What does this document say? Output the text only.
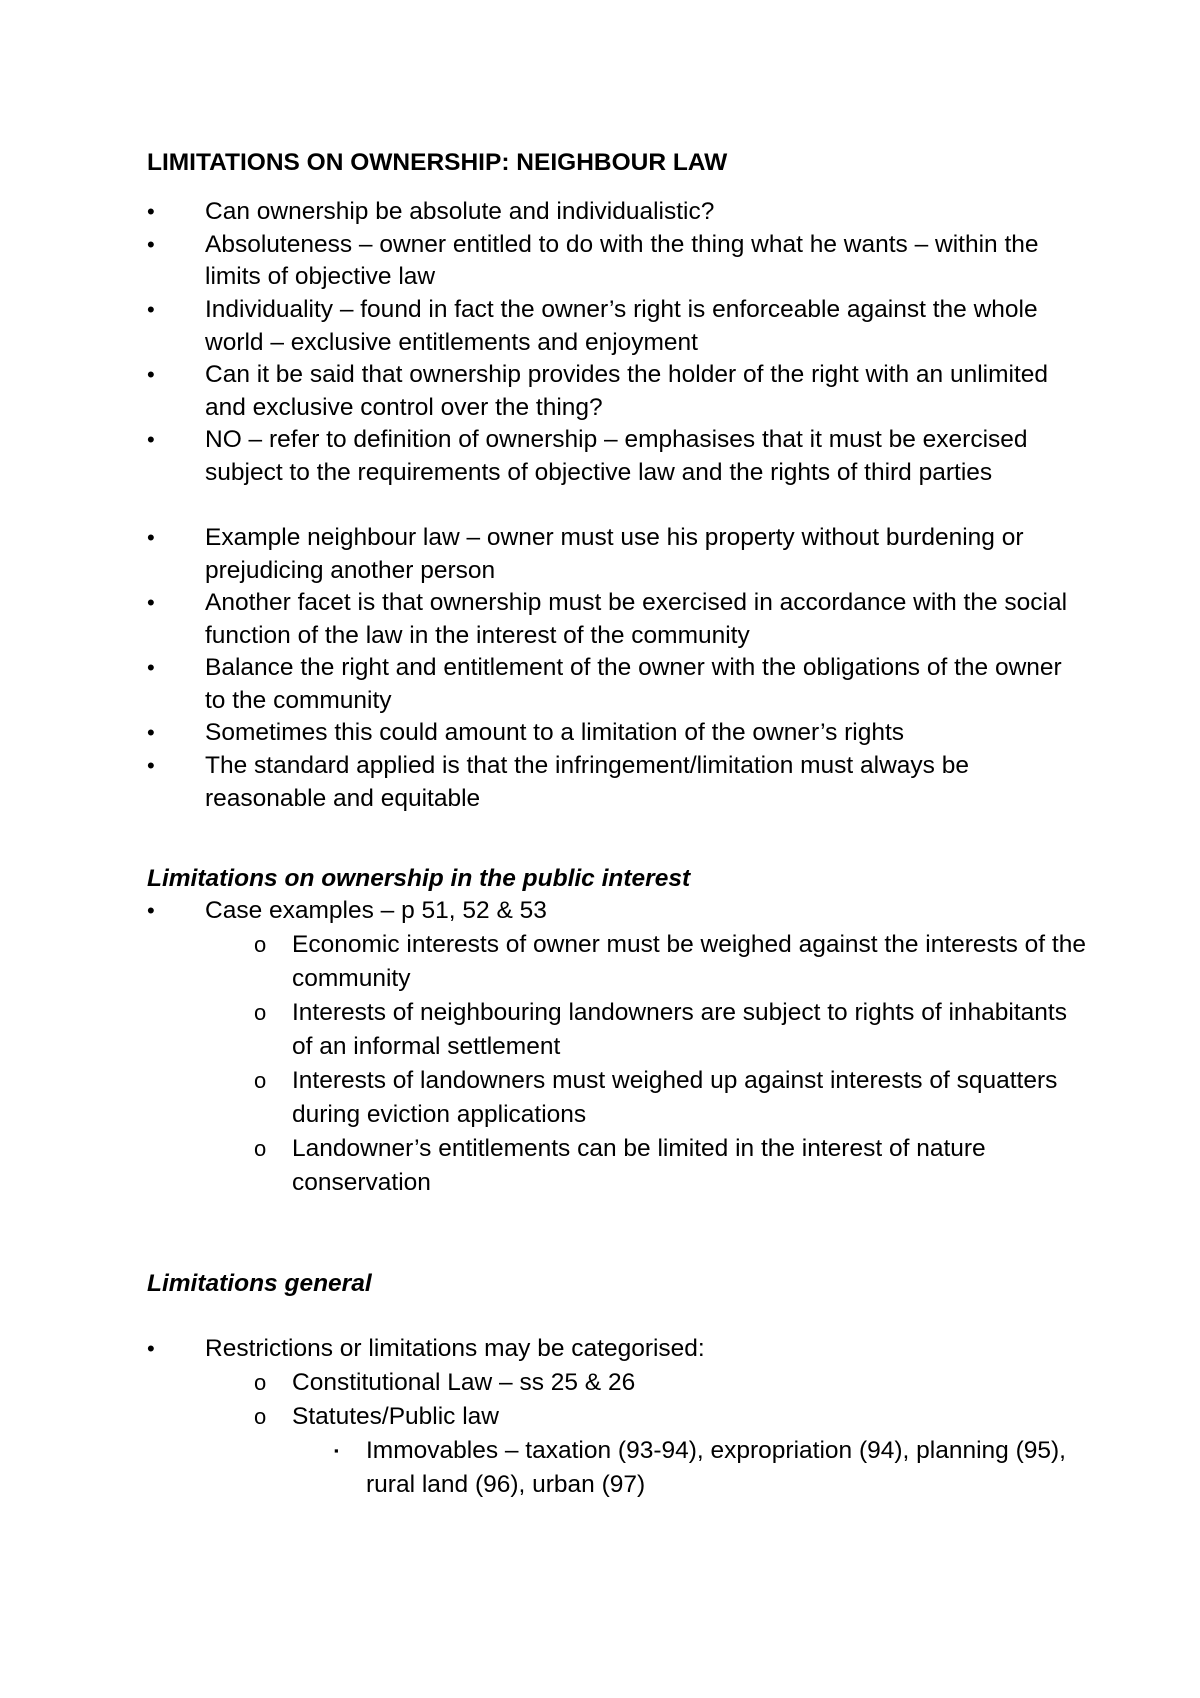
LIMITATIONS ON OWNERSHIP: NEIGHBOUR LAW
• Can ownership be absolute and individualistic?
• Absoluteness – owner entitled to do with the thing what he wants – within the limits of objective law
• Individuality – found in fact the owner’s right is enforceable against the whole world – exclusive entitlements and enjoyment
• Can it be said that ownership provides the holder of the right with an unlimited and exclusive control over the thing?
• NO – refer to definition of ownership – emphasises that it must be exercised subject to the requirements of objective law and the rights of third parties
• Example neighbour law – owner must use his property without burdening or prejudicing another person
• Another facet is that ownership must be exercised in accordance with the social function of the law in the interest of the community
• Balance the right and entitlement of the owner with the obligations of the owner to the community
• Sometimes this could amount to a limitation of the owner’s rights
• The standard applied is that the infringement/limitation must always be reasonable and equitable
Limitations on ownership in the public interest
• Case examples – p 51, 52 & 53
o Economic interests of owner must be weighed against the interests of the community
o Interests of neighbouring landowners are subject to rights of inhabitants of an informal settlement
o Interests of landowners must weighed up against interests of squatters during eviction applications
o Landowner’s entitlements can be limited in the interest of nature conservation
Limitations general
• Restrictions or limitations may be categorised:
o Constitutional Law – ss 25 & 26
o Statutes/Public law
▪ Immovables – taxation (93-94), expropriation (94), planning (95), rural land (96), urban (97)
